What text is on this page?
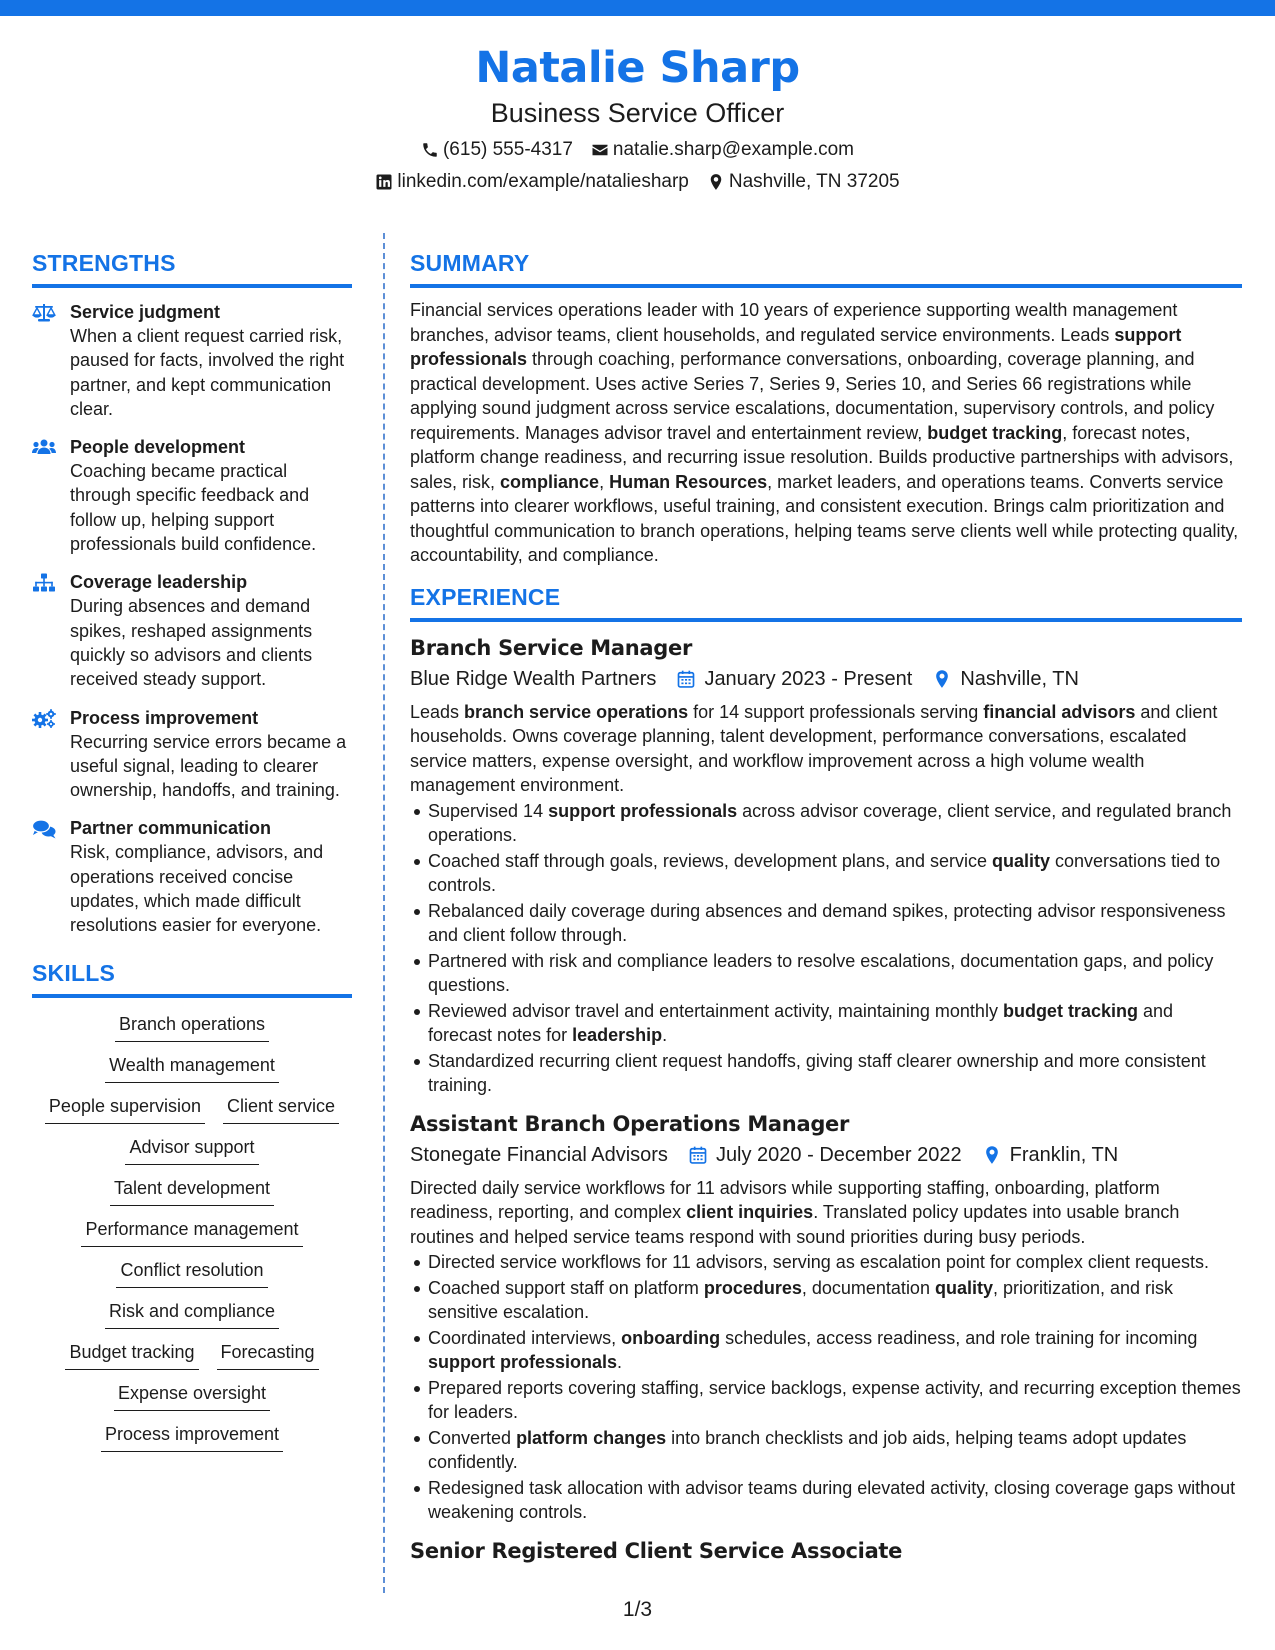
Natalie Sharp
Business Service Officer
(615) 555-4317 natalie.sharp@example.com
linkedin.com/example/nataliesharp Nashville, TN 37205
STRENGTHS
Service judgment
When a client request carried risk, paused for facts, involved the right partner, and kept communication clear.
People development
Coaching became practical through specific feedback and follow up, helping support professionals build confidence.
Coverage leadership
During absences and demand spikes, reshaped assignments quickly so advisors and clients received steady support.
Process improvement
Recurring service errors became a useful signal, leading to clearer ownership, handoffs, and training.
Partner communication
Risk, compliance, advisors, and operations received concise updates, which made difficult resolutions easier for everyone.
SKILLS
Branch operations
Wealth management
People supervision Client service
Advisor support
Talent development
Performance management
Conflict resolution
Risk and compliance
Budget tracking Forecasting
Expense oversight
Process improvement
SUMMARY
Financial services operations leader with 10 years of experience supporting wealth management branches, advisor teams, client households, and regulated service environments. Leads support professionals through coaching, performance conversations, onboarding, coverage planning, and practical development. Uses active Series 7, Series 9, Series 10, and Series 66 registrations while applying sound judgment across service escalations, documentation, supervisory controls, and policy requirements. Manages advisor travel and entertainment review, budget tracking, forecast notes, platform change readiness, and recurring issue resolution. Builds productive partnerships with advisors, sales, risk, compliance, Human Resources, market leaders, and operations teams. Converts service patterns into clearer workflows, useful training, and consistent execution. Brings calm prioritization and thoughtful communication to branch operations, helping teams serve clients well while protecting quality, accountability, and compliance.
EXPERIENCE
Branch Service Manager
Blue Ridge Wealth Partners January 2023 - Present Nashville, TN
Leads branch service operations for 14 support professionals serving financial advisors and client households. Owns coverage planning, talent development, performance conversations, escalated service matters, expense oversight, and workflow improvement across a high volume wealth management environment.
Supervised 14 support professionals across advisor coverage, client service, and regulated branch operations.
Coached staff through goals, reviews, development plans, and service quality conversations tied to controls.
Rebalanced daily coverage during absences and demand spikes, protecting advisor responsiveness and client follow through.
Partnered with risk and compliance leaders to resolve escalations, documentation gaps, and policy questions.
Reviewed advisor travel and entertainment activity, maintaining monthly budget tracking and forecast notes for leadership.
Standardized recurring client request handoffs, giving staff clearer ownership and more consistent training.
Assistant Branch Operations Manager
Stonegate Financial Advisors July 2020 - December 2022 Franklin, TN
Directed daily service workflows for 11 advisors while supporting staffing, onboarding, platform readiness, reporting, and complex client inquiries. Translated policy updates into usable branch routines and helped service teams respond with sound priorities during busy periods.
Directed service workflows for 11 advisors, serving as escalation point for complex client requests.
Coached support staff on platform procedures, documentation quality, prioritization, and risk sensitive escalation.
Coordinated interviews, onboarding schedules, access readiness, and role training for incoming support professionals.
Prepared reports covering staffing, service backlogs, expense activity, and recurring exception themes for leaders.
Converted platform changes into branch checklists and job aids, helping teams adopt updates confidently.
Redesigned task allocation with advisor teams during elevated activity, closing coverage gaps without weakening controls.
Senior Registered Client Service Associate
1/3
